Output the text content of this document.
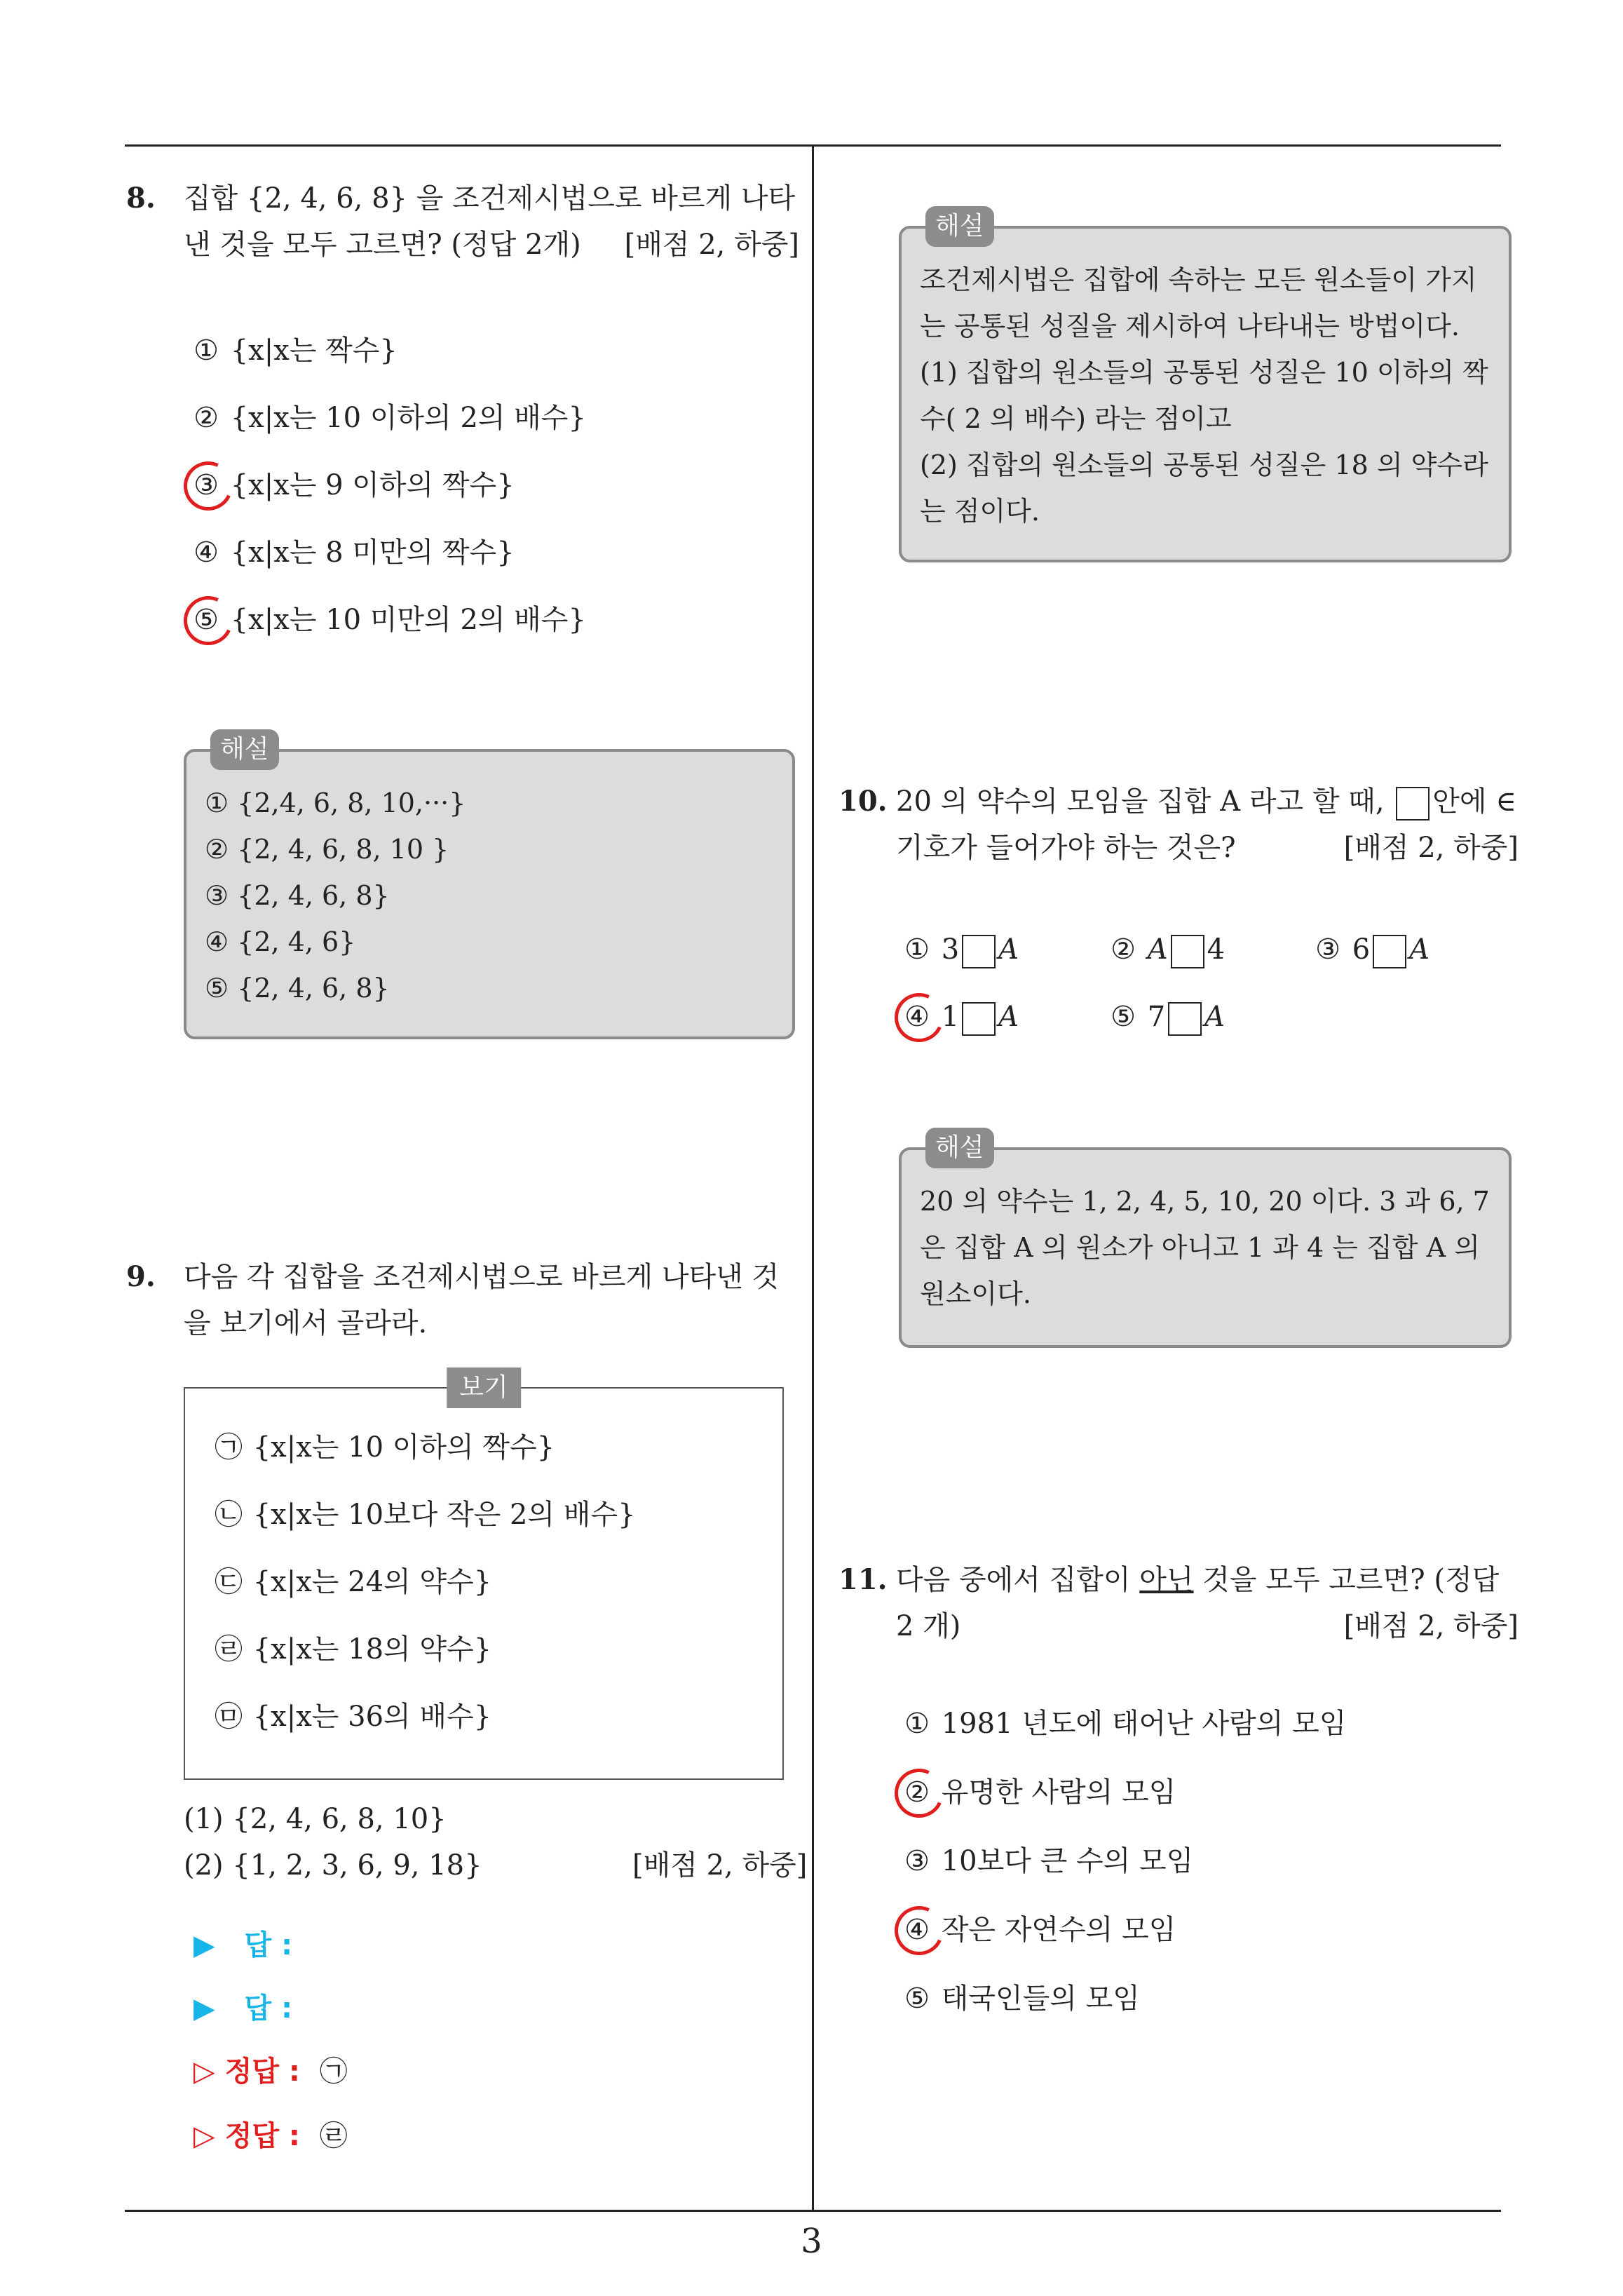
8.	집합 {2, 4, 6, 8} 을 조건제시법으로 바르게 나타낸 것을 모두 고르면? (정답 2개) [배점 2, 하중]
① {x|x는 짝수}
② {x|x는 10 이하의 2의 배수}
③ {x|x는 9 이하의 짝수}
④ {x|x는 8 미만의 짝수}
⑤ {x|x는 10 미만의 2의 배수}
해설
① {2,4, 6, 8, 10,···}
② {2, 4, 6, 8, 10 }
③ {2, 4, 6, 8}
④ {2, 4, 6}
⑤ {2, 4, 6, 8}
9.	다음 각 집합을 조건제시법으로 바르게 나타낸 것을 보기에서 골라라.
보기
㉠ {x|x는 10 이하의 짝수}
㉡ {x|x는 10보다 작은 2의 배수}
㉢ {x|x는 24의 약수}
㉣ {x|x는 18의 약수}
㉤ {x|x는 36의 배수}
(1) {2, 4, 6, 8, 10}
(2) {1, 2, 3, 6, 9, 18}	[배점 2, 하중]
▶ 답 :
▶ 답 :
▷ 정답 : ㉠
▷ 정답 : ㉣
해설
조건제시법은 집합에 속하는 모든 원소들이 가지는 공통된 성질을 제시하여 나타내는 방법이다.
(1) 집합의 원소들의 공통된 성질은 10 이하의 짝수( 2 의 배수) 라는 점이고
(2) 집합의 원소들의 공통된 성질은 18 의 약수라는 점이다.
10. 20 의 약수의 모임을 집합 A 라고 할 때, 안에 ∈ 기호가 들어가야 하는 것은?	[배점 2, 하중]
① 3 A	② A 4	③ 6 A
④ 1 A	⑤ 7 A
해설
20 의 약수는 1, 2, 4, 5, 10, 20 이다. 3 과 6, 7 은 집합 A 의 원소가 아니고 1 과 4 는 집합 A 의 원소이다.
11. 다음 중에서 집합이 아닌 것을 모두 고르면? (정답 2 개)	[배점 2, 하중]
① 1981 년도에 태어난 사람의 모임
② 유명한 사람의 모임
③ 10보다 큰 수의 모임
④ 작은 자연수의 모임
⑤ 태국인들의 모임
3
